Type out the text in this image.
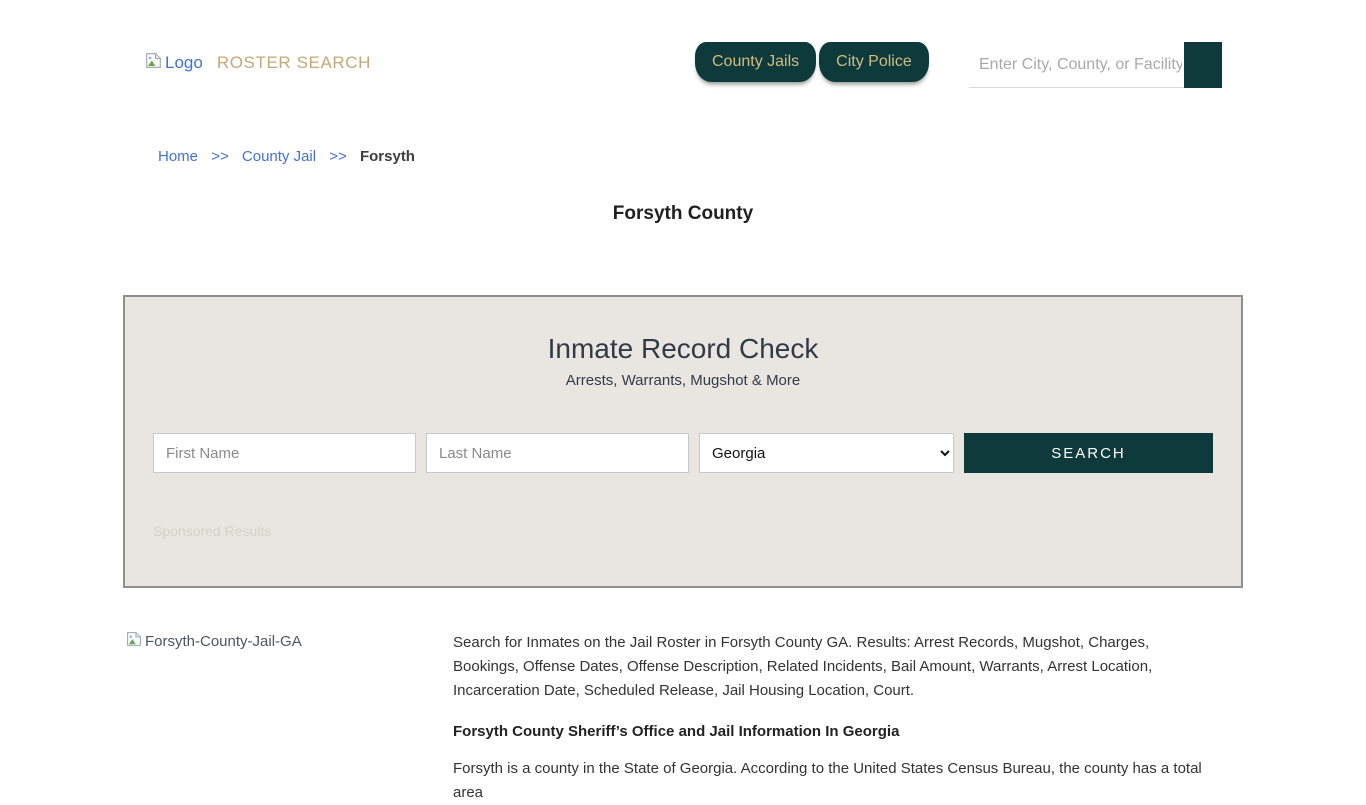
Logo ROSTER SEARCH	County Jails	City Police
Enter City, County, or Facility
Home >> County Jail >> Forsyth
Forsyth County
Inmate Record Check
Arrests, Warrants, Mugshot & More
First Name
Last Name
Georgia
SEARCH
Sponsored Results
Forsyth-County-Jail-GA	Search for Inmates on the Jail Roster in Forsyth County GA. Results: Arrest Records, Mugshot, Charges, Bookings, Offense Dates, Offense Description, Related Incidents, Bail Amount, Warrants, Arrest Location, Incarceration Date, Scheduled Release, Jail Housing Location, Court.

Forsyth County Sheriff’s Office and Jail Information In Georgia

Forsyth is a county in the State of Georgia. According to the United States Census Bureau, the county has a total area
